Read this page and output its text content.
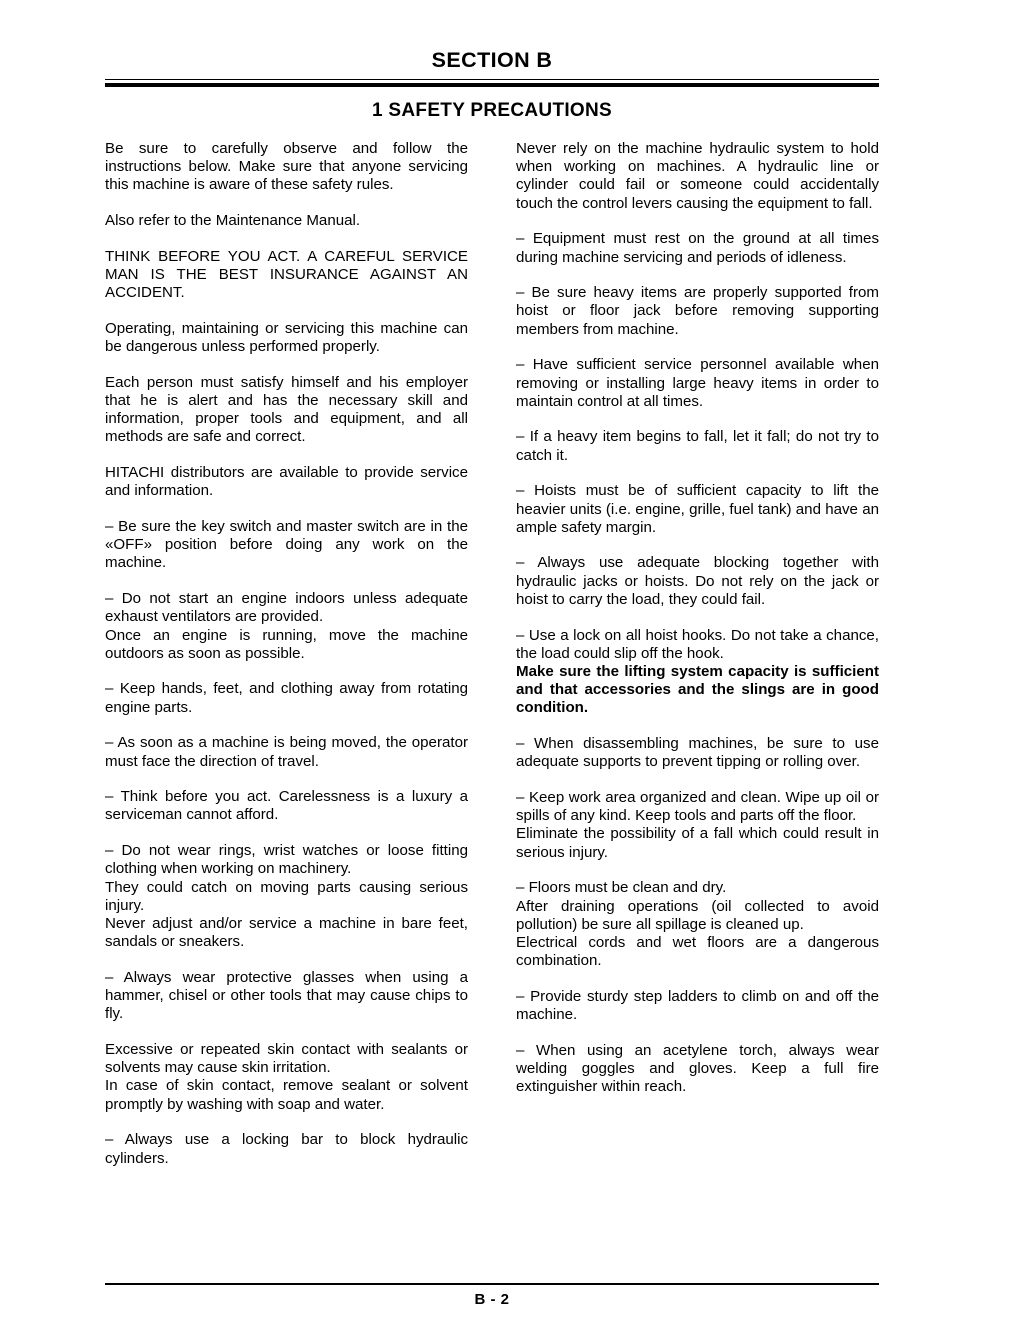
SECTION B
1 SAFETY PRECAUTIONS

Be sure to carefully observe and follow the instructions below. Make sure that anyone servicing this machine is aware of these safety rules.

Also refer to the Maintenance Manual.

THINK BEFORE YOU ACT. A CAREFUL SERVICE MAN IS THE BEST INSURANCE AGAINST AN ACCIDENT.

Operating, maintaining or servicing this machine can be dangerous unless performed properly.

Each person must satisfy himself and his employer that he is alert and has the necessary skill and information, proper tools and equipment, and all methods are safe and correct.

HITACHI distributors are available to provide service and information.

– Be sure the key switch and master switch are in the «OFF» position before doing any work on the machine.

– Do not start an engine indoors unless adequate exhaust ventilators are provided.
Once an engine is running, move the machine outdoors as soon as possible.

– Keep hands, feet, and clothing away from rotating engine parts.

– As soon as a machine is being moved, the operator must face the direction of travel.

– Think before you act. Carelessness is a luxury a serviceman cannot afford.

– Do not wear rings, wrist watches or loose fitting clothing when working on machinery.
They could catch on moving parts causing serious injury.
Never adjust and/or service a machine in bare feet, sandals or sneakers.

– Always wear protective glasses when using a hammer, chisel or other tools that may cause chips to fly.

Excessive or repeated skin contact with sealants or solvents may cause skin irritation.
In case of skin contact, remove sealant or solvent promptly by washing with soap and water.

– Always use a locking bar to block hydraulic cylinders.

Never rely on the machine hydraulic system to hold when working on machines. A hydraulic line or cylinder could fail or someone could accidentally touch the control levers causing the equipment to fall.

– Equipment must rest on the ground at all times during machine servicing and periods of idleness.

– Be sure heavy items are properly supported from hoist or floor jack before removing supporting members from machine.

– Have sufficient service personnel available when removing or installing large heavy items in order to maintain control at all times.

– If a heavy item begins to fall, let it fall; do not try to catch it.

– Hoists must be of sufficient capacity to lift the heavier units (i.e. engine, grille, fuel tank) and have an ample safety margin.

– Always use adequate blocking together with hydraulic jacks or hoists. Do not rely on the jack or hoist to carry the load, they could fail.

– Use a lock on all hoist hooks. Do not take a chance, the load could slip off the hook.
Make sure the lifting system capacity is sufficient and that accessories and the slings are in good condition.

– When disassembling machines, be sure to use adequate supports to prevent tipping or rolling over.

– Keep work area organized and clean. Wipe up oil or spills of any kind. Keep tools and parts off the floor.
Eliminate the possibility of a fall which could result in serious injury.

– Floors must be clean and dry.
After draining operations (oil collected to avoid pollution) be sure all spillage is cleaned up.
Electrical cords and wet floors are a dangerous combination.

– Provide sturdy step ladders to climb on and off the machine.

– When using an acetylene torch, always wear welding goggles and gloves. Keep a full fire extinguisher within reach.

B - 2
